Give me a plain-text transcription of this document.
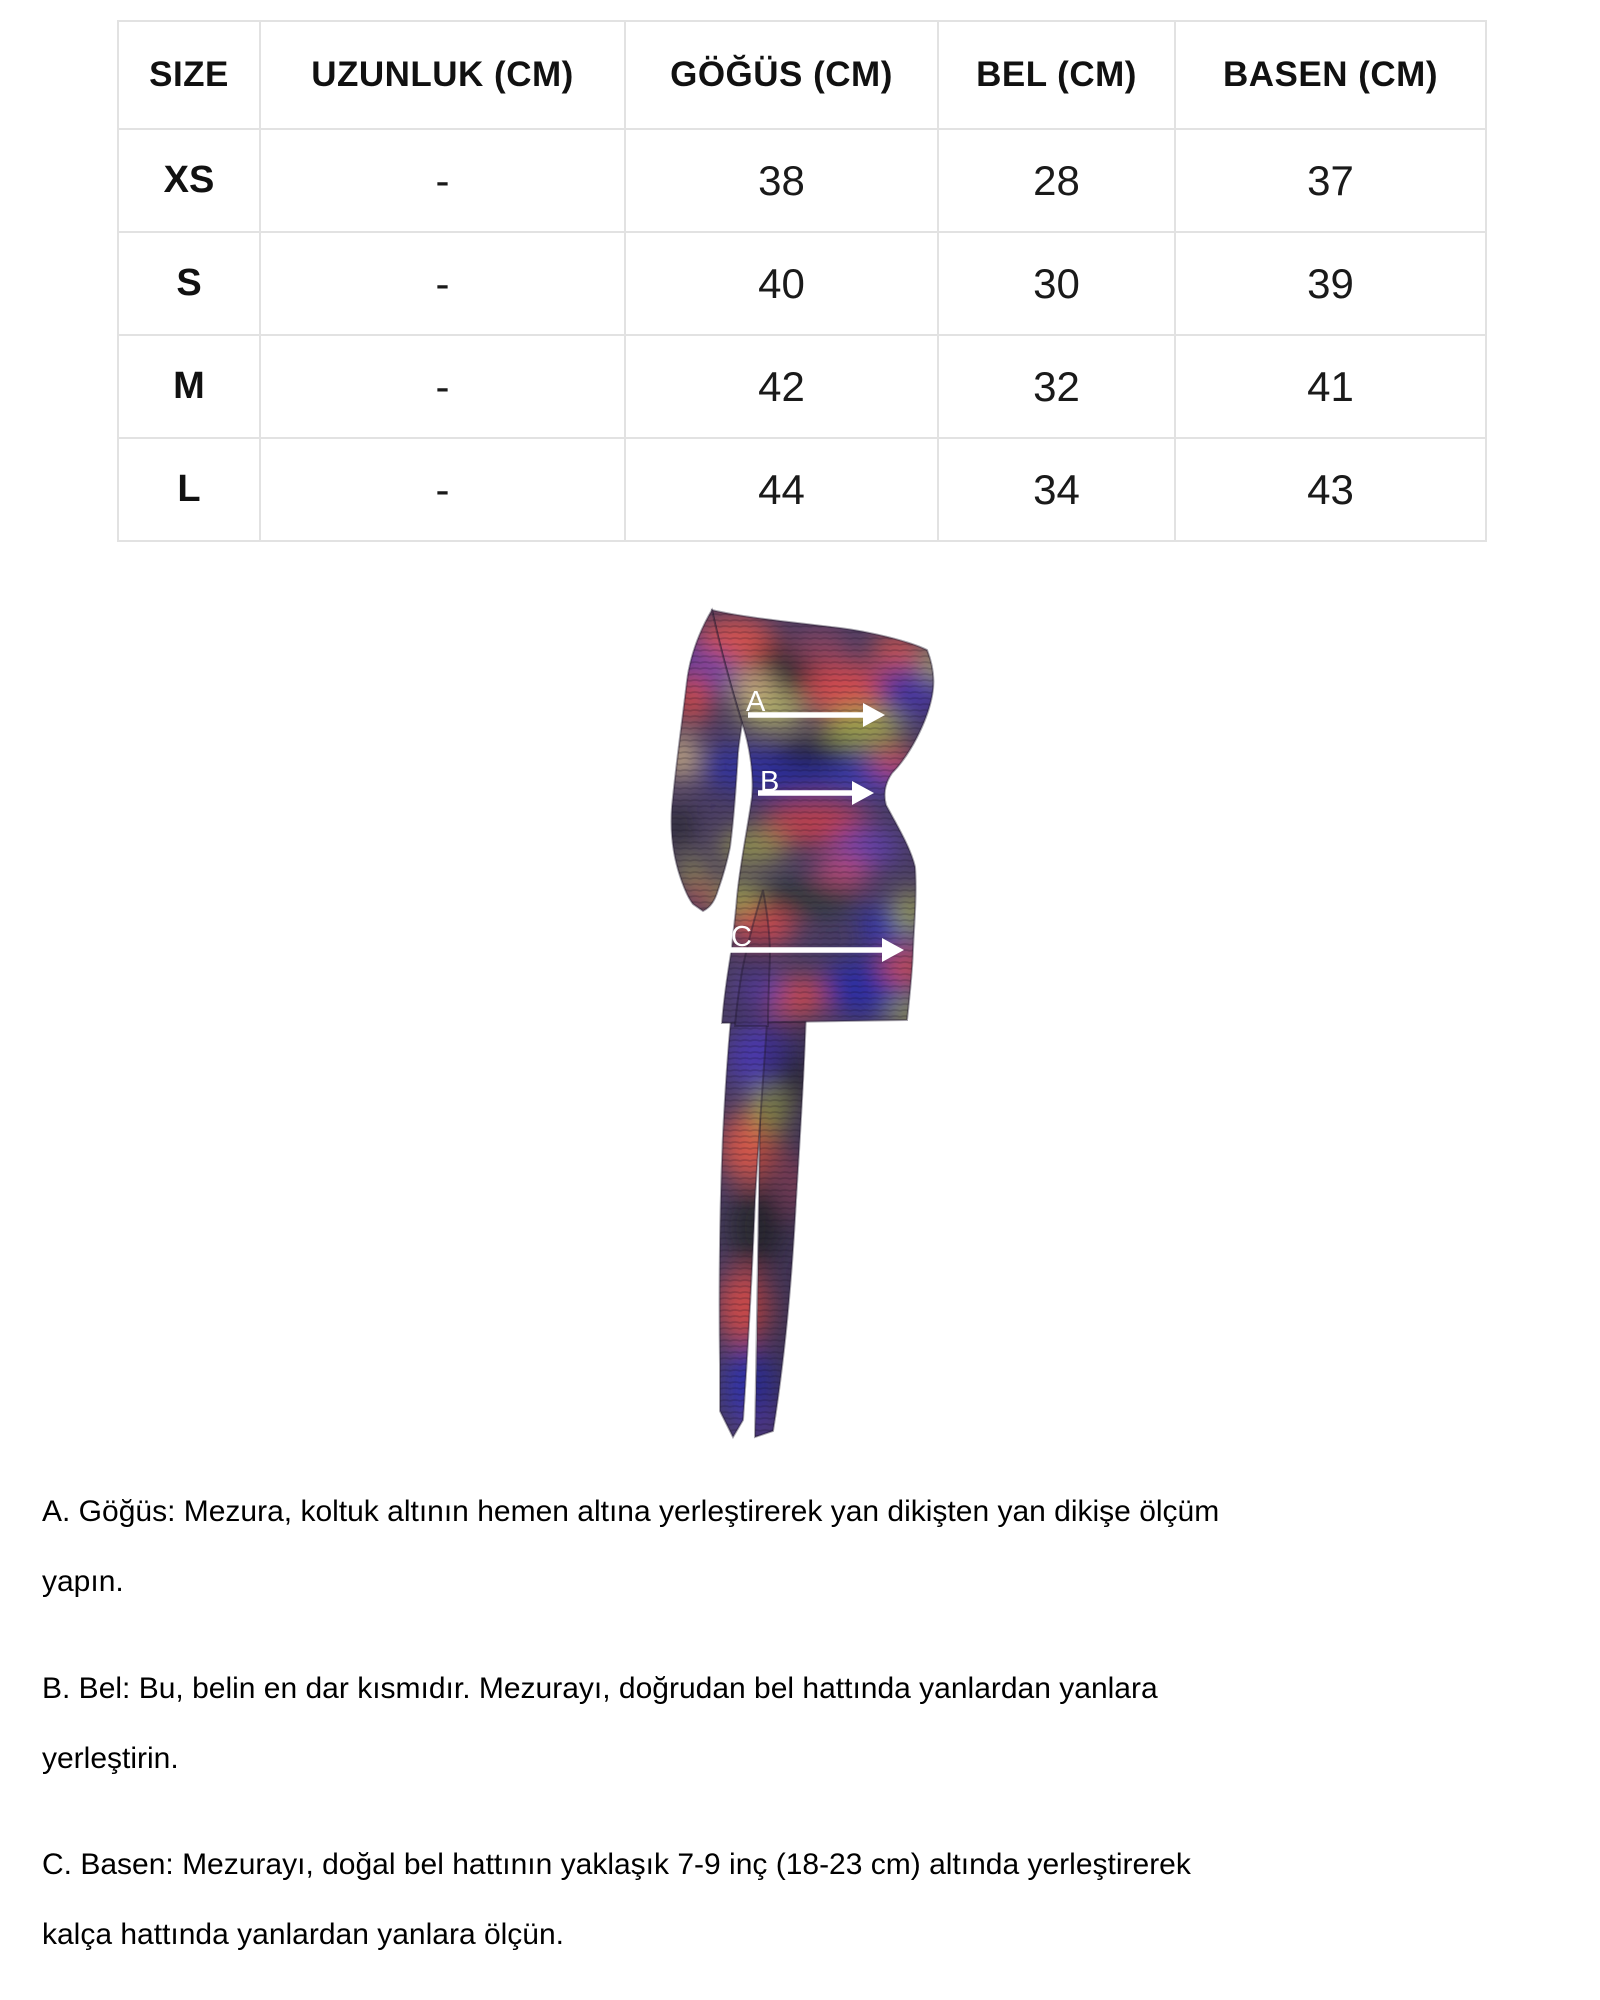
SIZE	UZUNLUK (CM)	GÖĞÜS (CM)	BEL (CM)	BASEN (CM)
XS	-	38	28	37
S	-	40	30	39
M	-	42	32	41
L	-	44	34	43
A
B
C
A. Göğüs: Mezura, koltuk altının hemen altına yerleştirerek yan dikişten yan dikişe ölçüm
yapın.
B. Bel: Bu, belin en dar kısmıdır. Mezurayı, doğrudan bel hattında yanlardan yanlara
yerleştirin.
C. Basen: Mezurayı, doğal bel hattının yaklaşık 7-9 inç (18-23 cm) altında yerleştirerek
kalça hattında yanlardan yanlara ölçün.
